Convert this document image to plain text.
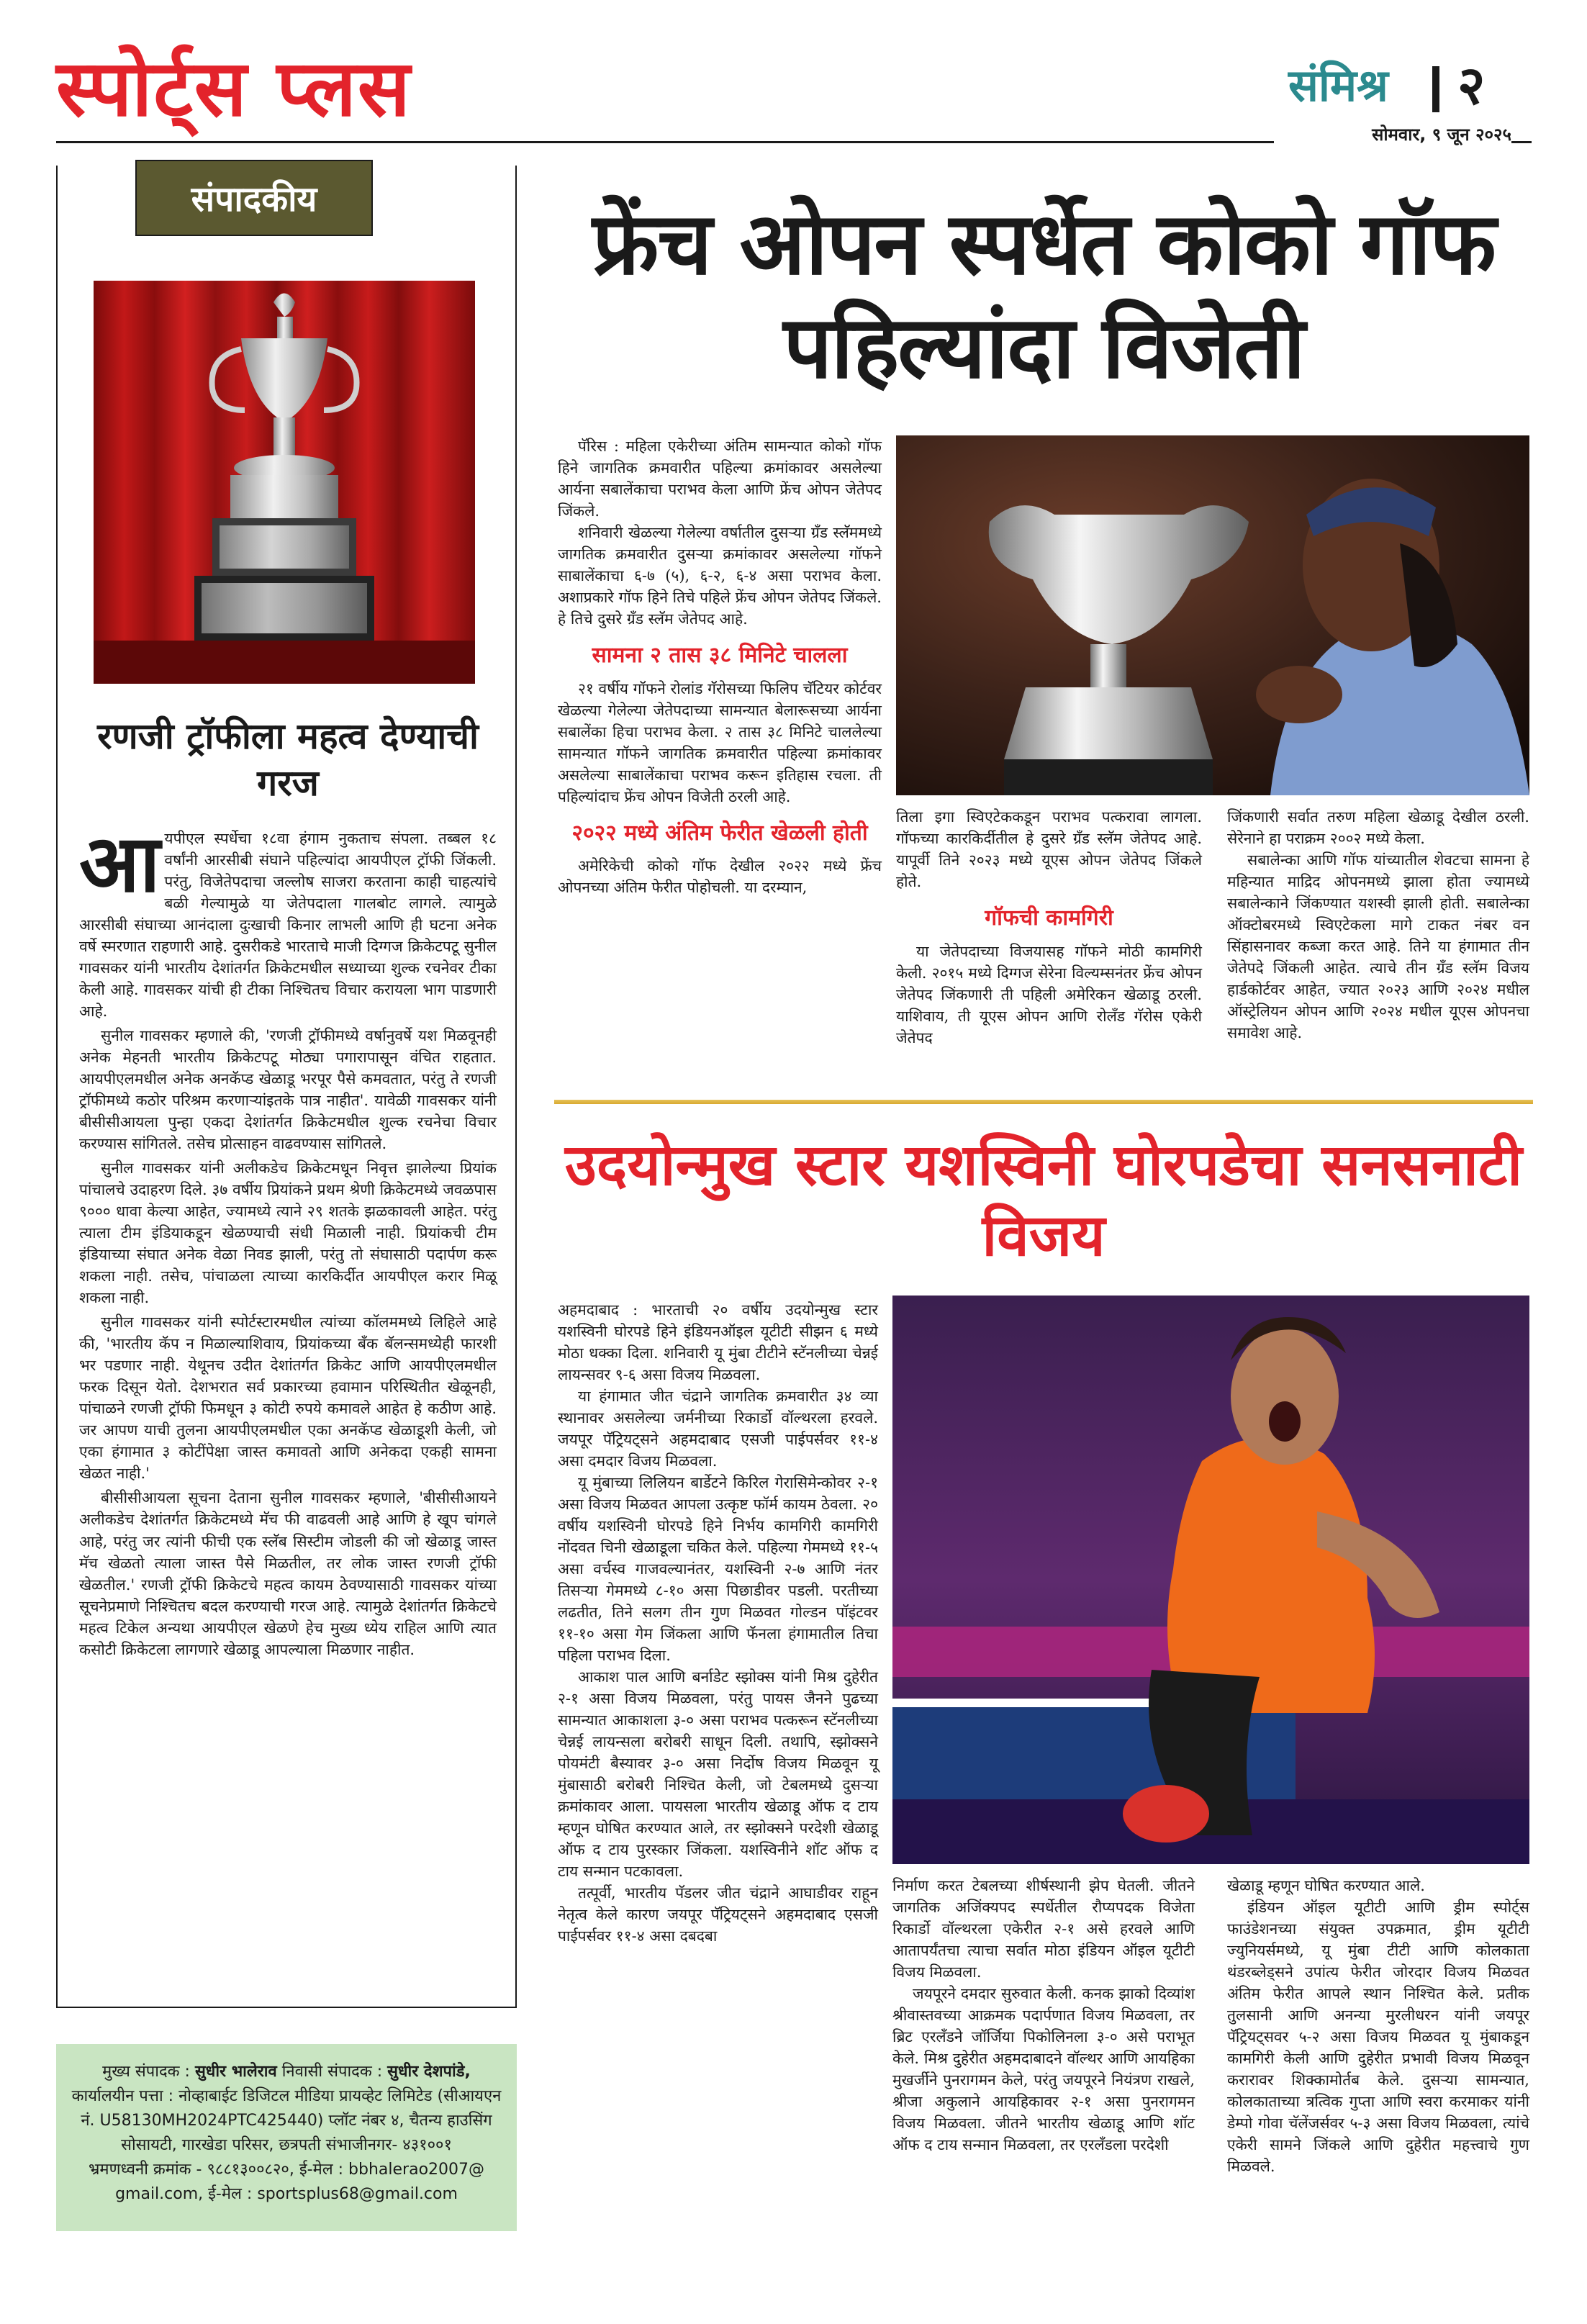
स्पोर्ट्स प्लस	संमिश्र २
सोमवार, ९ जून २०२५
संपादकीय
रणजी ट्रॉफीला महत्व देण्याची गरज

आयपीएल स्पर्धेचा १८वा हंगाम नुकताच संपला. तब्बल १८ वर्षांनी आरसीबी संघाने पहिल्यांदा आयपीएल ट्रॉफी जिंकली. परंतु, विजेतेपदाचा जल्लोष साजरा करताना काही चाहत्यांचे बळी गेल्यामुळे या जेतेपदाला गालबोट लागले. त्यामुळे आरसीबी संघाच्या आनंदाला दुःखाची किनार लाभली आणि ही घटना अनेक वर्षे स्मरणात राहणारी आहे. दुसरीकडे भारताचे माजी दिग्गज क्रिकेटपटू सुनील गावसकर यांनी भारतीय देशांतर्गत क्रिकेटमधील सध्याच्या शुल्क रचनेवर टीका केली आहे. गावसकर यांची ही टीका निश्चितच विचार करायला भाग पाडणारी आहे.

सुनील गावसकर म्हणाले की, 'रणजी ट्रॉफीमध्ये वर्षानुवर्षे यश मिळवूनही अनेक मेहनती भारतीय क्रिकेटपटू मोठ्या पगारापासून वंचित राहतात. आयपीएलमधील अनेक अनकॅप्ड खेळाडू भरपूर पैसे कमवतात, परंतु ते रणजी ट्रॉफीमध्ये कठोर परिश्रम करणाऱ्यांइतके पात्र नाहीत'. यावेळी गावसकर यांनी बीसीसीआयला पुन्हा एकदा देशांतर्गत क्रिकेटमधील शुल्क रचनेचा विचार करण्यास सांगितले. तसेच प्रोत्साहन वाढवण्यास सांगितले.

सुनील गावसकर यांनी अलीकडेच क्रिकेटमधून निवृत्त झालेल्या प्रियांक पांचालचे उदाहरण दिले. ३७ वर्षीय प्रियांकने प्रथम श्रेणी क्रिकेटमध्ये जवळपास ९००० धावा केल्या आहेत, ज्यामध्ये त्याने २९ शतके झळकावली आहेत. परंतु त्याला टीम इंडियाकडून खेळण्याची संधी मिळाली नाही. प्रियांकची टीम इंडियाच्या संघात अनेक वेळा निवड झाली, परंतु तो संघासाठी पदार्पण करू शकला नाही. तसेच, पांचाळला त्याच्या कारकिर्दीत आयपीएल करार मिळू शकला नाही.

सुनील गावसकर यांनी स्पोर्टस्टारमधील त्यांच्या कॉलममध्ये लिहिले आहे की, 'भारतीय कॅप न मिळाल्याशिवाय, प्रियांकच्या बँक बॅलन्समध्येही फारशी भर पडणार नाही. येथूनच उदीत देशांतर्गत क्रिकेट आणि आयपीएलमधील फरक दिसून येतो. देशभरात सर्व प्रकारच्या हवामान परिस्थितीत खेळूनही, पांचाळने रणजी ट्रॉफी फिमधून ३ कोटी रुपये कमावले आहेत हे कठीण आहे. जर आपण याची तुलना आयपीएलमधील एका अनकॅप्ड खेळाडूशी केली, जो एका हंगामात ३ कोटींपेक्षा जास्त कमावतो आणि अनेकदा एकही सामना खेळत नाही.'

बीसीसीआयला सूचना देताना सुनील गावसकर म्हणाले, 'बीसीसीआयने अलीकडेच देशांतर्गत क्रिकेटमध्ये मॅच फी वाढवली आहे आणि हे खूप चांगले आहे, परंतु जर त्यांनी फीची एक स्लॅब सिस्टीम जोडली की जो खेळाडू जास्त मॅच खेळतो त्याला जास्त पैसे मिळतील, तर लोक जास्त रणजी ट्रॉफी खेळतील.' रणजी ट्रॉफी क्रिकेटचे महत्व कायम ठेवण्यासाठी गावसकर यांच्या सूचनेप्रमाणे निश्चितच बदल करण्याची गरज आहे. त्यामुळे देशांतर्गत क्रिकेटचे महत्व टिकेल अन्यथा आयपीएल खेळणे हेच मुख्य ध्येय राहिल आणि त्यात कसोटी क्रिकेटला लागणारे खेळाडू आपल्याला मिळणार नाहीत.

मुख्य संपादक : सुधीर भालेराव निवासी संपादक : सुधीर देशपांडे,
कार्यालयीन पत्ता : नोव्हाबाईट डिजिटल मीडिया प्रायव्हेट लिमिटेड (सीआयएन नं. U58130MH2024PTC425440) प्लॉट नंबर ४, चैतन्य हाउसिंग सोसायटी, गारखेडा परिसर, छत्रपती संभाजीनगर- ४३१००१
भ्रमणध्वनी क्रमांक - ९८८१३००८२०, ई-मेल : bbhalerao2007@ gmail.com, ई-मेल : sportsplus68@gmail.com
फ्रेंच ओपन स्पर्धेत कोको गॉफ पहिल्यांदा विजेती

पॅरिस : महिला एकेरीच्या अंतिम सामन्यात कोको गॉफ हिने जागतिक क्रमवारीत पहिल्या क्रमांकावर असलेल्या आर्यना सबालेंकाचा पराभव केला आणि फ्रेंच ओपन जेतेपद जिंकले.

शनिवारी खेळल्या गेलेल्या वर्षातील दुसऱ्या ग्रँड स्लॅममध्ये जागतिक क्रमवारीत दुसऱ्या क्रमांकावर असलेल्या गॉफने साबालेंकाचा ६-७ (५), ६-२, ६-४ असा पराभव केला. अशाप्रकारे गॉफ हिने तिचे पहिले फ्रेंच ओपन जेतेपद जिंकले. हे तिचे दुसरे ग्रँड स्लॅम जेतेपद आहे.

सामना २ तास ३८ मिनिटे चालला

२१ वर्षीय गॉफने रोलांड गॅरोसच्या फिलिप चॅटियर कोर्टवर खेळल्या गेलेल्या जेतेपदाच्या सामन्यात बेलारूसच्या आर्यना सबालेंका हिचा पराभव केला. २ तास ३८ मिनिटे चाललेल्या सामन्यात गॉफने जागतिक क्रमवारीत पहिल्या क्रमांकावर असलेल्या साबालेंकाचा पराभव करून इतिहास रचला. ती पहिल्यांदाच फ्रेंच ओपन विजेती ठरली आहे.

२०२२ मध्ये अंतिम फेरीत खेळली होती

अमेरिकेची कोको गॉफ देखील २०२२ मध्ये फ्रेंच ओपनच्या अंतिम फेरीत पोहोचली. या दरम्यान,

तिला इगा स्विएटेककडून पराभव पत्करावा लागला. गॉफच्या कारकिर्दीतील हे दुसरे ग्रँड स्लॅम जेतेपद आहे. यापूर्वी तिने २०२३ मध्ये यूएस ओपन जेतेपद जिंकले होते.

गॉफची कामगिरी

या जेतेपदाच्या विजयासह गॉफने मोठी कामगिरी केली. २०१५ मध्ये दिग्गज सेरेना विल्यम्सनंतर फ्रेंच ओपन जेतेपद जिंकणारी ती पहिली अमेरिकन खेळाडू ठरली. याशिवाय, ती यूएस ओपन आणि रोलँड गॅरोस एकेरी जेतेपद

जिंकणारी सर्वात तरुण महिला खेळाडू देखील ठरली. सेरेनाने हा पराक्रम २००२ मध्ये केला.

सबालेन्का आणि गॉफ यांच्यातील शेवटचा सामना हे महिन्यात माद्रिद ओपनमध्ये झाला होता ज्यामध्ये सबालेन्काने जिंकण्यात यशस्वी झाली होती. सबालेन्का ऑक्टोबरमध्ये स्विएटेकला मागे टाकत नंबर वन सिंहासनावर कब्जा करत आहे. तिने या हंगामात तीन जेतेपदे जिंकली आहेत. त्याचे तीन ग्रँड स्लॅम विजय हार्डकोर्टवर आहेत, ज्यात २०२३ आणि २०२४ मधील ऑस्ट्रेलियन ओपन आणि २०२४ मधील यूएस ओपनचा समावेश आहे.

उदयोन्मुख स्टार यशस्विनी घोरपडेचा सनसनाटी विजय

अहमदाबाद : भारताची २० वर्षीय उदयोन्मुख स्टार यशस्विनी घोरपडे हिने इंडियनऑइल यूटीटी सीझन ६ मध्ये मोठा धक्का दिला. शनिवारी यू मुंबा टीटीने स्टॅनलीच्या चेन्नई लायन्सवर ९-६ असा विजय मिळवला.

या हंगामात जीत चंद्राने जागतिक क्रमवारीत ३४ व्या स्थानावर असलेल्या जर्मनीच्या रिकार्डो वॉल्थरला हरवले. जयपूर पॅट्रियट्सने अहमदाबाद एसजी पाईपर्सवर ११-४ असा दमदार विजय मिळवला.

यू मुंबाच्या लिलियन बार्डेटने किरिल गेरासिमेन्कोवर २-१ असा विजय मिळवत आपला उत्कृष्ट फॉर्म कायम ठेवला. २० वर्षीय यशस्विनी घोरपडे हिने निर्भय कामगिरी कामगिरी नोंदवत चिनी खेळाडूला चकित केले. पहिल्या गेममध्ये ११-५ असा वर्चस्व गाजवल्यानंतर, यशस्विनी २-७ आणि नंतर तिसऱ्या गेममध्ये ८-१० असा पिछाडीवर पडली. परतीच्या लढतीत, तिने सलग तीन गुण मिळवत गोल्डन पॉइंटवर ११-१० असा गेम जिंकला आणि फॅनला हंगामातील तिचा पहिला पराभव दिला.

आकाश पाल आणि बर्नाडेट स्झोक्स यांनी मिश्र दुहेरीत २-१ असा विजय मिळवला, परंतु पायस जैनने पुढच्या सामन्यात आकाशला ३-० असा पराभव पत्करून स्टॅनलीच्या चेन्नई लायन्सला बरोबरी साधून दिली. तथापि, स्झोक्सने पोयमंटी बैस्यावर ३-० असा निर्दोष विजय मिळवून यू मुंबासाठी बरोबरी निश्चित केली, जो टेबलमध्ये दुसऱ्या क्रमांकावर आला. पायसला भारतीय खेळाडू ऑफ द टाय म्हणून घोषित करण्यात आले, तर स्झोक्सने परदेशी खेळाडू ऑफ द टाय पुरस्कार जिंकला. यशस्विनीने शॉट ऑफ द टाय सन्मान पटकावला.

तत्पूर्वी, भारतीय पॅडलर जीत चंद्राने आघाडीवर राहून नेतृत्व केले कारण जयपूर पॅट्रियट्सने अहमदाबाद एसजी पाईपर्सवर ११-४ असा दबदबा

निर्माण करत टेबलच्या शीर्षस्थानी झेप घेतली. जीतने जागतिक अजिंक्यपद स्पर्धेतील रौप्यपदक विजेता रिकार्डो वॉल्थरला एकेरीत २-१ असे हरवले आणि आतापर्यंतचा त्याचा सर्वात मोठा इंडियन ऑइल यूटीटी विजय मिळवला.

जयपूरने दमदार सुरुवात केली. कनक झाको दिव्यांश श्रीवास्तवच्या आक्रमक पदार्पणात विजय मिळवला, तर ब्रिट एरलँडने जॉर्जिया पिकोलिनला ३-० असे पराभूत केले. मिश्र दुहेरीत अहमदाबादने वॉल्थर आणि आयहिका मुखर्जीने पुनरागमन केले, परंतु जयपूरने नियंत्रण राखले, श्रीजा अकुलाने आयहिकावर २-१ असा पुनरागमन विजय मिळवला. जीतने भारतीय खेळाडू आणि शॉट ऑफ द टाय सन्मान मिळवला, तर एरलँडला परदेशी

खेळाडू म्हणून घोषित करण्यात आले.

इंडियन ऑइल यूटीटी आणि ड्रीम स्पोर्ट्स फाउंडेशनच्या संयुक्त उपक्रमात, ड्रीम यूटीटी ज्युनियर्समध्ये, यू मुंबा टीटी आणि कोलकाता थंडरब्लेड्सने उपांत्य फेरीत जोरदार विजय मिळवत अंतिम फेरीत आपले स्थान निश्चित केले. प्रतीक तुलसानी आणि अनन्या मुरलीधरन यांनी जयपूर पॅट्रियट्सवर ५-२ असा विजय मिळवत यू मुंबाकडून कामगिरी केली आणि दुहेरीत प्रभावी विजय मिळवून करारावर शिक्कामोर्तब केले. दुसऱ्या सामन्यात, कोलकाताच्या त्रत्विक गुप्ता आणि स्वरा करमाकर यांनी डेम्पो गोवा चॅलेंजर्सवर ५-३ असा विजय मिळवला, त्यांचे एकेरी सामने जिंकले आणि दुहेरीत महत्त्वाचे गुण मिळवले.
